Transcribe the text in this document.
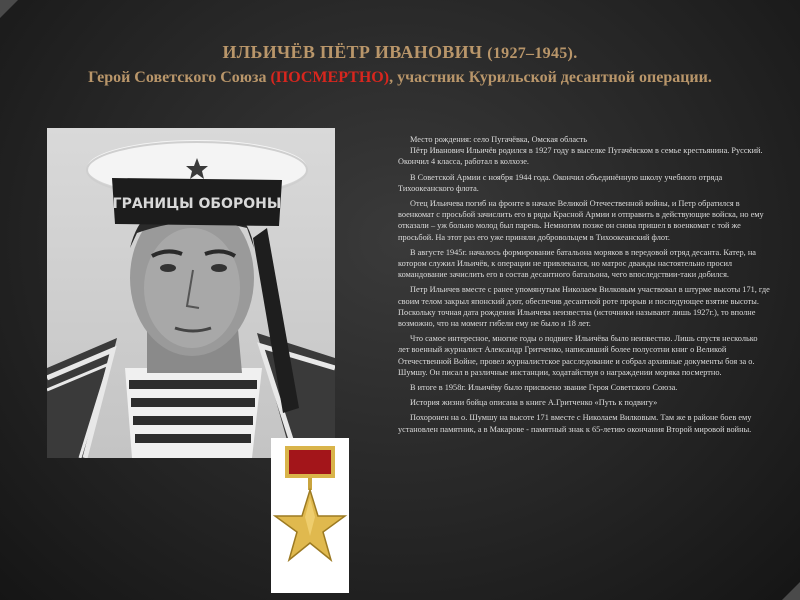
ИЛЬИЧЁВ ПЁТР ИВАНОВИЧ (1927–1945).
Герой Советского Союза (ПОСМЕРТНО), участник Курильской десантной операции.
ГРАНИЦЫ ОБОРОНЫ

Место рождения: село Пугачёвка, Омская область

Пётр Иванович Ильичёв родился в 1927 году в выселке Пугачёвском в семье крестьянина. Русский. Окончил 4 класса, работал в колхозе.

В Советской Армии с ноября 1944 года. Окончил объединённую школу учебного отряда Тихоокеанского флота.

Отец Ильичева погиб на фронте в начале Великой Отечественной войны, и Петр обратился в военкомат с просьбой зачислить его в ряды Красной Армии и отправить в действующие войска, но ему отказали – уж больно молод был парень. Немногим позже он снова пришел в военкомат с той же просьбой. На этот раз его уже приняли добровольцем в Тихоокеанский флот.

В августе 1945г. началось формирование батальона моряков в передовой отряд десанта. Катер, на котором служил Ильичёв, к операции не привлекался, но матрос дважды настоятельно просил командование зачислить его в состав десантного батальона, чего впоследствии-таки добился.

Петр Ильичев вместе с ранее упомянутым Николаем Вилковым участвовал в штурме высоты 171, где своим телом закрыл японский дзот, обеспечив десантной роте прорыв и последующее взятие высоты. Поскольку точная дата рождения Ильичева неизвестна (источники называют лишь 1927г.), то вполне возможно, что на момент гибели ему не было и 18 лет.

Что самое интересное, многие годы о подвиге Ильичёва было неизвестно. Лишь спустя несколько лет военный журналист Александр Гритченко, написавший более полусотни книг о Великой Отечественной Войне, провел журналистское расследование и собрал архивные документы боя за о. Шумшу. Он писал в различные инстанции, ходатайствуя о награждении моряка посмертно.

В итоге в 1958г. Ильичёву было присвоено звание Героя Советского Союза.

История жизни бойца описана в книге А.Гритченко «Путь к подвигу»

Похоронен на о. Шумшу на высоте 171 вместе с Николаем Вилковым. Там же в районе боев ему установлен памятник, а в Макарове - памятный знак к 65-летию окончания Второй мировой войны.
